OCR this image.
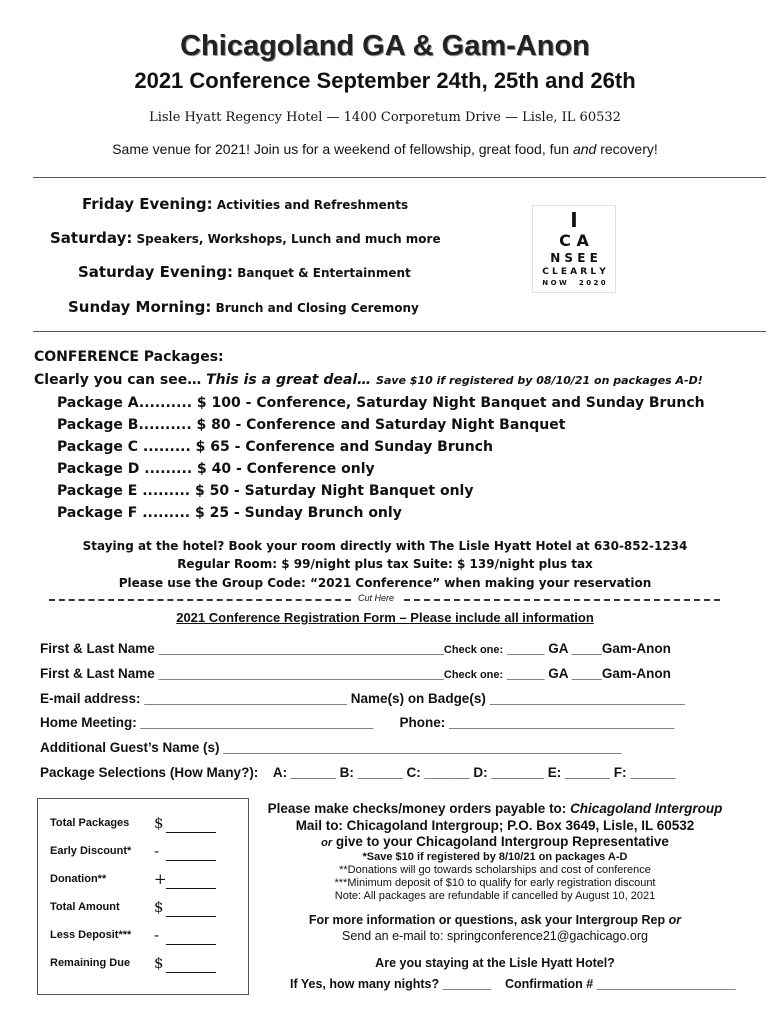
Chicagoland GA & Gam-Anon
2021 Conference September 24th, 25th and 26th
Lisle Hyatt Regency Hotel — 1400 Corporetum Drive — Lisle, IL 60532
Same venue for 2021! Join us for a weekend of fellowship, great food, fun and recovery!
Friday Evening: Activities and Refreshments
Saturday: Speakers, Workshops, Lunch and much more
Saturday Evening: Banquet & Entertainment
Sunday Morning: Brunch and Closing Ceremony
I
C A
N S E E
C L E A R L Y
N O W     2 0 2 0
CONFERENCE Packages:
Clearly you can see… This is a great deal… Save $10 if registered by 08/10/21 on packages A-D!
Package A.......... $ 100 - Conference, Saturday Night Banquet and Sunday Brunch
Package B.......... $ 80 - Conference and Saturday Night Banquet
Package C ......... $ 65 - Conference and Sunday Brunch
Package D ......... $ 40 - Conference only
Package E ......... $ 50 - Saturday Night Banquet only
Package F ......... $ 25 - Sunday Brunch only
Staying at the hotel? Book your room directly with The Lisle Hyatt Hotel at 630-852-1234
Regular Room: $ 99/night plus tax Suite: $ 139/night plus tax
Please use the Group Code: “2021 Conference” when making your reservation
Cut Here
2021 Conference Registration Form – Please include all information
First & Last Name ______________________________________Check one: _____ GA ____Gam-Anon
First & Last Name ______________________________________Check one: _____ GA ____Gam-Anon
E-mail address: ___________________________ Name(s) on Badge(s) __________________________
Home Meeting: _______________________________ Phone: ______________________________
Additional Guest’s Name (s) _____________________________________________________
Package Selections (How Many?): A: ______ B: ______ C: ______ D: _______ E: ______ F: ______
Total Packages $
Early Discount* -
Donation**	+
Total Amount $
Less Deposit*** -
Remaining Due $
Please make checks/money orders payable to: Chicagoland Intergroup
Mail to: Chicagoland Intergroup; P.O. Box 3649, Lisle, IL 60532
or give to your Chicagoland Intergroup Representative
*Save $10 if registered by 8/10/21 on packages A-D
**Donations will go towards scholarships and cost of conference
***Minimum deposit of $10 to qualify for early registration discount
Note: All packages are refundable if cancelled by August 10, 2021
For more information or questions, ask your Intergroup Rep or
Send an e-mail to: springconference21@gachicago.org
Are you staying at the Lisle Hyatt Hotel?
If Yes, how many nights? _______ Confirmation # ____________________
